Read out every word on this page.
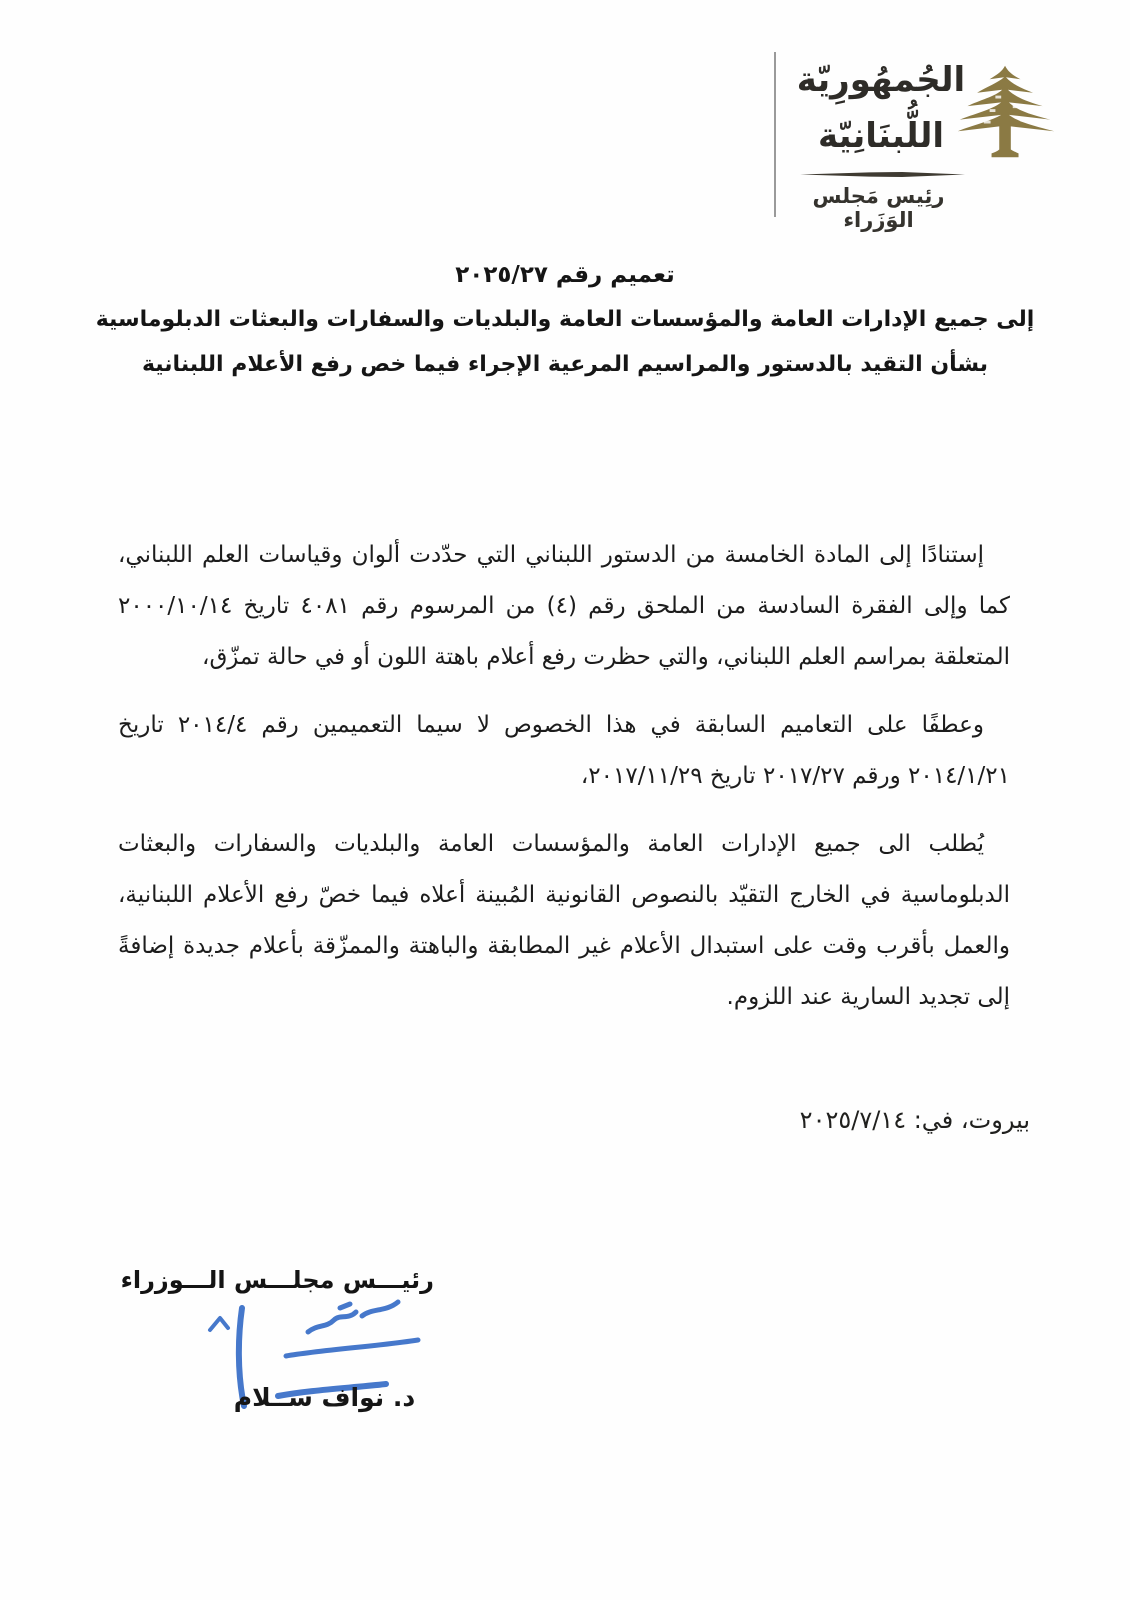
الجُمهُورِيّة
اللُّبنَانِيّة
رئِيس مَجلس الوَزَراء
تعميم رقم ٢٠٢٥/٢٧
إلى جميع الإدارات العامة والمؤسسات العامة والبلديات والسفارات والبعثات الدبلوماسية
بشأن التقيد بالدستور والمراسيم المرعية الإجراء فيما خص رفع الأعلام اللبنانية

إستنادًا إلى المادة الخامسة من الدستور اللبناني التي حدّدت ألوان وقياسات العلم اللبناني، كما وإلى الفقرة السادسة من الملحق رقم (٤) من المرسوم رقم ٤٠٨١ تاريخ ٢٠٠٠/١٠/١٤ المتعلقة بمراسم العلم اللبناني، والتي حظرت رفع أعلام باهتة اللون أو في حالة تمزّق،

وعطفًا على التعاميم السابقة في هذا الخصوص لا سيما التعميمين رقم ٢٠١٤/٤ تاريخ ٢٠١٤/١/٢١ ورقم ٢٠١٧/٢٧ تاريخ ٢٠١٧/١١/٢٩،

يُطلب الى جميع الإدارات العامة والمؤسسات العامة والبلديات والسفارات والبعثات الدبلوماسية في الخارج التقيّد بالنصوص القانونية المُبينة أعلاه فيما خصّ رفع الأعلام اللبنانية، والعمل بأقرب وقت على استبدال الأعلام غير المطابقة والباهتة والممزّقة بأعلام جديدة إضافةً إلى تجديد السارية عند اللزوم.

بيروت، في: ٢٠٢٥/٧/١٤
رئيـــس مجلـــس الـــوزراء
د. نواف ســلام
